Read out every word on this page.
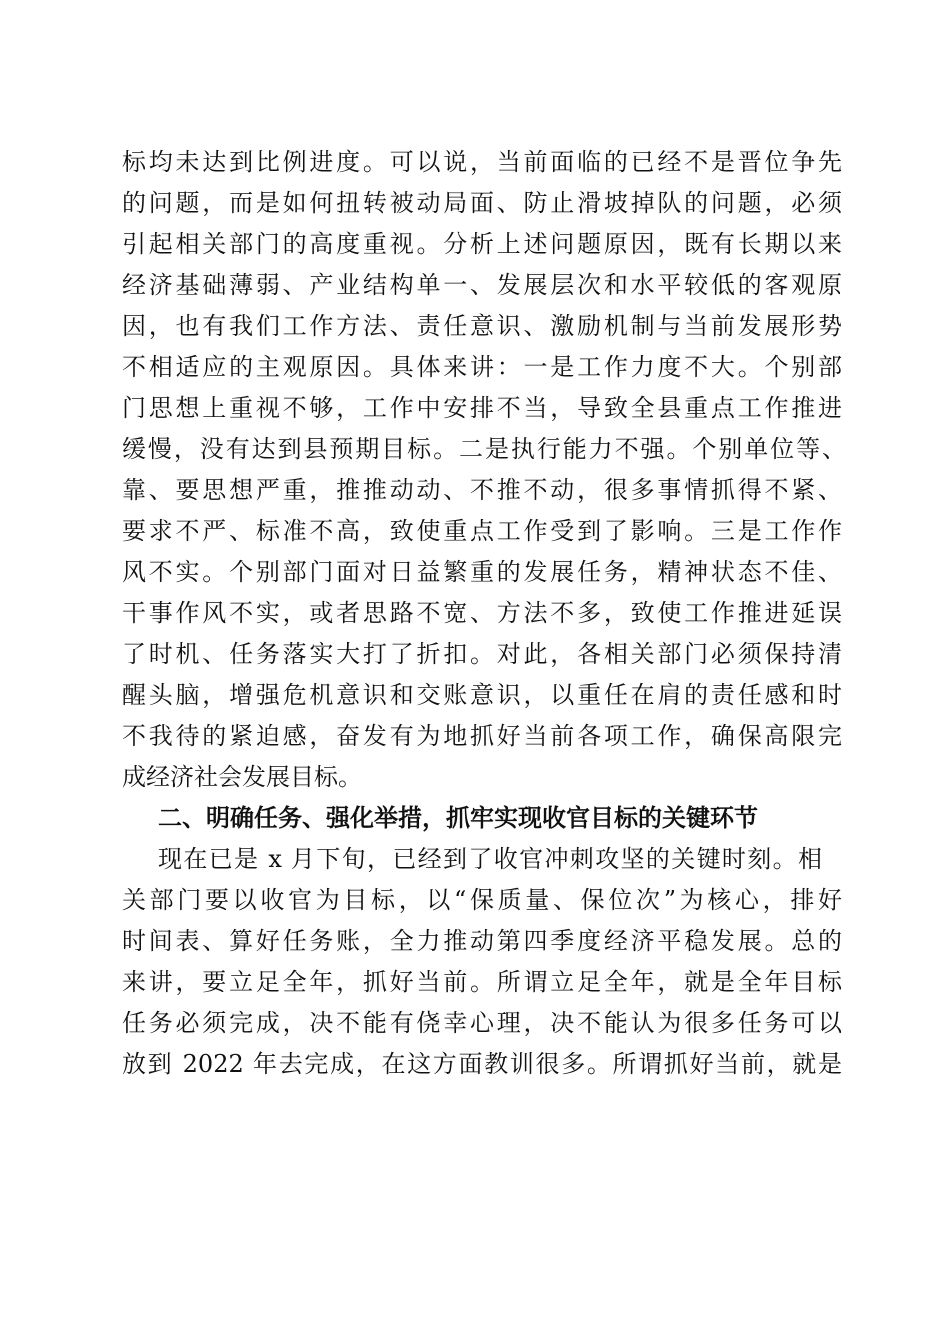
标均未达到比例进度。可以说，当前面临的已经不是晋位争先
的问题，而是如何扭转被动局面、防止滑坡掉队的问题，必须
引起相关部门的高度重视。分析上述问题原因，既有长期以来
经济基础薄弱、产业结构单一、发展层次和水平较低的客观原
因，也有我们工作方法、责任意识、激励机制与当前发展形势
不相适应的主观原因。具体来讲：一是工作力度不大。个别部
门思想上重视不够，工作中安排不当，导致全县重点工作推进
缓慢，没有达到县预期目标。二是执行能力不强。个别单位等、
靠、要思想严重，推推动动、不推不动，很多事情抓得不紧、
要求不严、标准不高，致使重点工作受到了影响。三是工作作
风不实。个别部门面对日益繁重的发展任务，精神状态不佳、
干事作风不实，或者思路不宽、方法不多，致使工作推进延误
了时机、任务落实大打了折扣。对此，各相关部门必须保持清
醒头脑，增强危机意识和交账意识，以重任在肩的责任感和时
不我待的紧迫感，奋发有为地抓好当前各项工作，确保高限完
成经济社会发展目标。
二、明确任务、强化举措，抓牢实现收官目标的关键环节
现在已是 x 月下旬，已经到了收官冲刺攻坚的关键时刻。相
关部门要以收官为目标，以“保质量、保位次”为核心，排好
时间表、算好任务账，全力推动第四季度经济平稳发展。总的
来讲，要立足全年，抓好当前。所谓立足全年，就是全年目标
任务必须完成，决不能有侥幸心理，决不能认为很多任务可以
放到 2022 年去完成，在这方面教训很多。所谓抓好当前，就是
